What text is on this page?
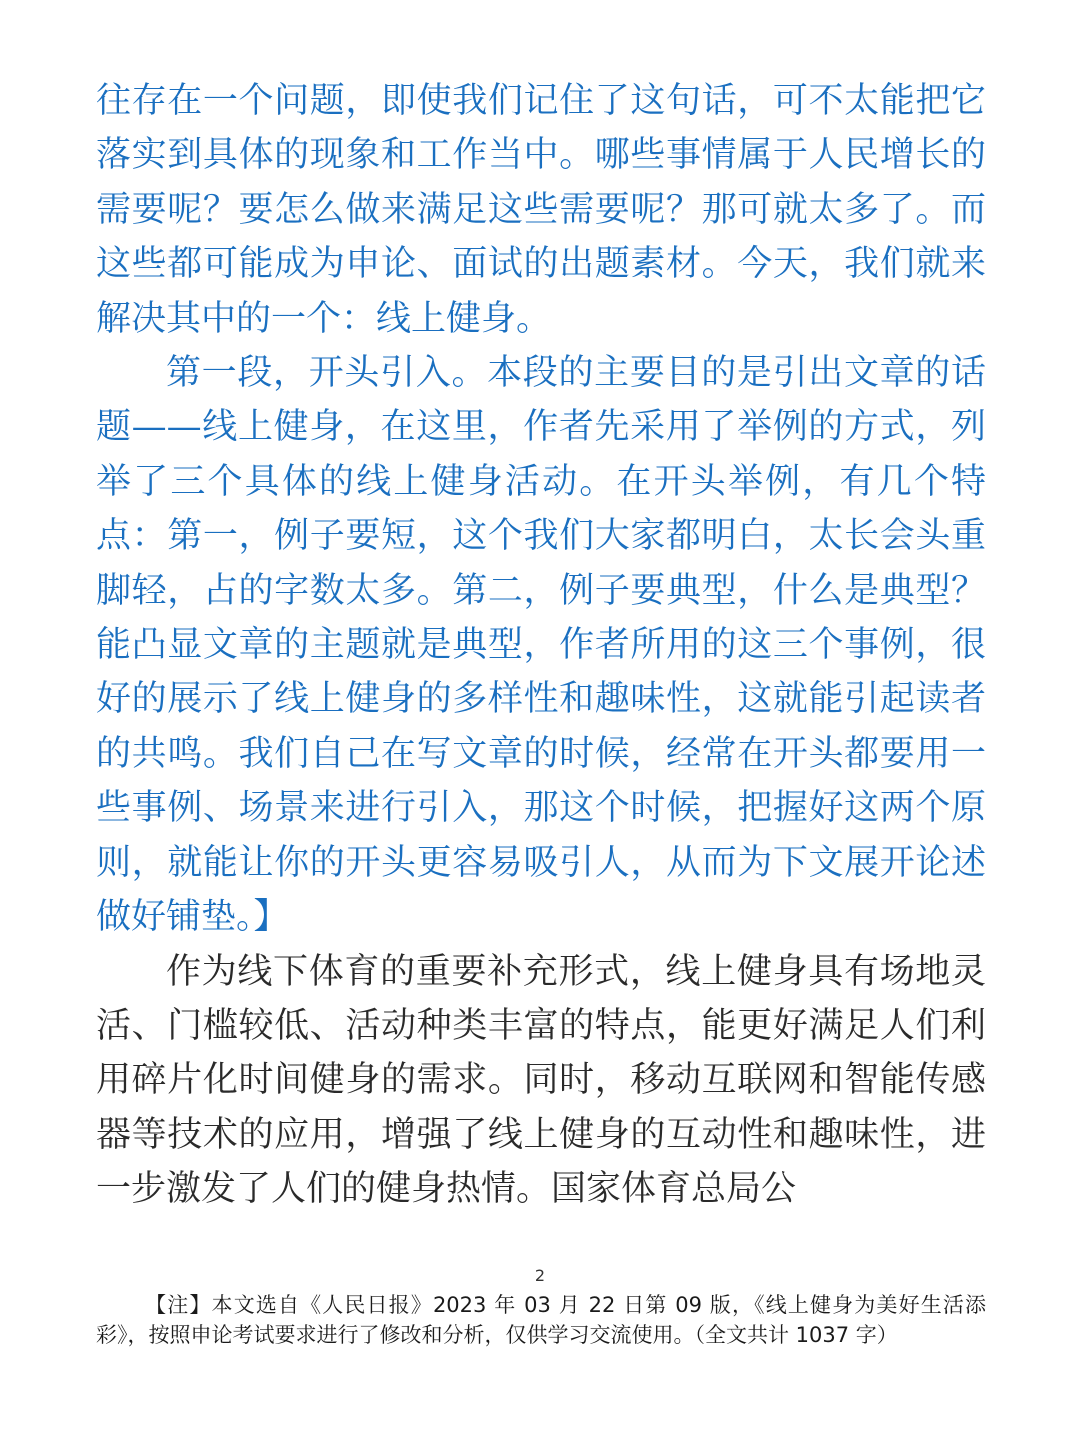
往存在一个问题，即使我们记住了这句话，可不太能把它落实到具体的现象和工作当中。哪些事情属于人民增长的需要呢？要怎么做来满足这些需要呢？那可就太多了。而这些都可能成为申论、面试的出题素材。今天，我们就来解决其中的一个：线上健身。

第一段，开头引入。本段的主要目的是引出文章的话题——线上健身，在这里，作者先采用了举例的方式，列举了三个具体的线上健身活动。在开头举例，有几个特点：第一，例子要短，这个我们大家都明白，太长会头重脚轻，占的字数太多。第二，例子要典型，什么是典型？能凸显文章的主题就是典型，作者所用的这三个事例，很好的展示了线上健身的多样性和趣味性，这就能引起读者的共鸣。我们自己在写文章的时候，经常在开头都要用一些事例、场景来进行引入，那这个时候，把握好这两个原则，就能让你的开头更容易吸引人，从而为下文展开论述做好铺垫。】

作为线下体育的重要补充形式，线上健身具有场地灵活、门槛较低、活动种类丰富的特点，能更好满足人们利用碎片化时间健身的需求。同时，移动互联网和智能传感器等技术的应用，增强了线上健身的互动性和趣味性，进一步激发了人们的健身热情。国家体育总局公

2
【注】本文选自《人民日报》2023 年 03 月 22 日第 09 版，《线上健身为美好生活添彩》，按照申论考试要求进行了修改和分析，仅供学习交流使用。（全文共计 1037 字）
